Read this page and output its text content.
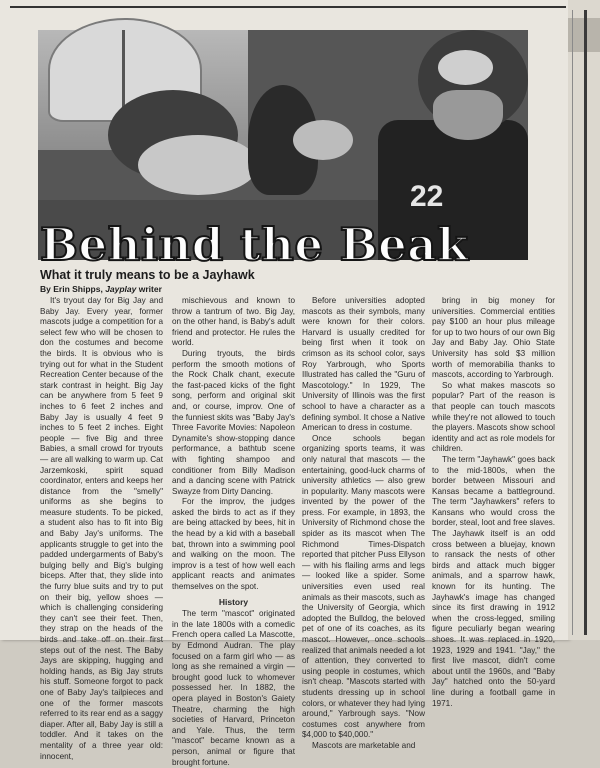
22
Behind the Beak
What it truly means to be a Jayhawk
By Erin Shipps, Jayplay writer

It's tryout day for Big Jay and Baby Jay. Every year, former mascots judge a competition for a select few who will be chosen to don the costumes and become the birds. It is obvious who is trying out for what in the Student Recreation Center because of the stark contrast in height. Big Jay can be anywhere from 5 feet 9 inches to 6 feet 2 inches and Baby Jay is usually 4 feet 9 inches to 5 feet 2 inches. Eight people — five Big and three Babies, a small crowd for tryouts — are all walking to warm up. Cat Jarzemkoski, spirit squad coordinator, enters and keeps her distance from the "smelly" uniforms as she begins to measure students. To be picked, a student also has to fit into Big and Baby Jay's uniforms. The applicants struggle to get into the padded undergarments of Baby's bulging belly and Big's bulging biceps. After that, they slide into the furry blue suits and try to put on their big, yellow shoes — which is challenging considering they can't see their feet. Then, they strap on the heads of the birds and take off on their first steps out of the nest. The Baby Jays are skipping, hugging and holding hands, as Big Jay struts his stuff. Someone forgot to pack one of Baby Jay's tailpieces and one of the former mascots referred to its rear end as a saggy diaper. After all, Baby Jay is still a toddler. And it takes on the mentality of a three year old: innocent,

mischievous and known to throw a tantrum of two. Big Jay, on the other hand, is Baby's adult friend and protector. He rules the world.

During tryouts, the birds perform the smooth motions of the Rock Chalk chant, execute the fast-paced kicks of the fight song, perform and original skit and, or course, improv. One of the funniest skits was "Baby Jay's Three Favorite Movies: Napoleon Dynamite's show-stopping dance performance, a bathtub scene with fighting shampoo and conditioner from Billy Madison and a dancing scene with Patrick Swayze from Dirty Dancing.

For the improv, the judges asked the birds to act as if they are being attacked by bees, hit in the head by a kid with a baseball bat, thrown into a swimming pool and walking on the moon. The improv is a test of how well each applicant reacts and animates themselves on the spot.

History

The term "mascot" originated in the late 1800s with a comedic French opera called La Mascotte, by Edmond Audran. The play focused on a farm girl who — as long as she remained a virgin — brought good luck to whomever possessed her. In 1882, the opera played in Boston's Gaiety Theatre, charming the high societies of Harvard, Princeton and Yale. Thus, the term "mascot" became known as a person, animal or figure that brought fortune.

Before universities adopted mascots as their symbols, many were known for their colors. Harvard is usually credited for being first when it took on crimson as its school color, says Roy Yarbrough, who Sports Illustrated has called the "Guru of Mascotology." In 1929, The University of Illinois was the first school to have a character as a defining symbol. It chose a Native American to dress in costume.

Once schools began organizing sports teams, it was only natural that mascots — the entertaining, good-luck charms of university athletics — also grew in popularity. Many mascots were invented by the power of the press. For example, in 1893, the University of Richmond chose the spider as its mascot when The Richmond Times-Dispatch reported that pitcher Puss Ellyson — with his flailing arms and legs — looked like a spider. Some universities even used real animals as their mascots, such as the University of Georgia, which adopted the Bulldog, the beloved pet of one of its coaches, as its mascot. However, once schools realized that animals needed a lot of attention, they converted to using people in costumes, which isn't cheap. "Mascots started with students dressing up in school colors, or whatever they had lying around," Yarbrough says. "Now costumes cost anywhere from $4,000 to $40,000."

Mascots are marketable and

bring in big money for universities. Commercial entities pay $100 an hour plus mileage for up to two hours of our own Big Jay and Baby Jay. Ohio State University has sold $3 million worth of memorabilia thanks to mascots, according to Yarbrough.

So what makes mascots so popular? Part of the reason is that people can touch mascots while they're not allowed to touch the players. Mascots show school identity and act as role models for children.

The term "Jayhawk" goes back to the mid-1800s, when the border between Missouri and Kansas became a battleground. The term "Jayhawkers" refers to Kansans who would cross the border, steal, loot and free slaves. The Jayhawk itself is an odd cross between a bluejay, known to ransack the nests of other birds and attack much bigger animals, and a sparrow hawk, known for its hunting. The Jayhawk's image has changed since its first drawing in 1912 when the cross-legged, smiling figure peculiarly began wearing shoes. It was replaced in 1920, 1923, 1929 and 1941. "Jay," the first live mascot, didn't come about until the 1960s, and "Baby Jay" hatched onto the 50-yard line during a football game in 1971.
